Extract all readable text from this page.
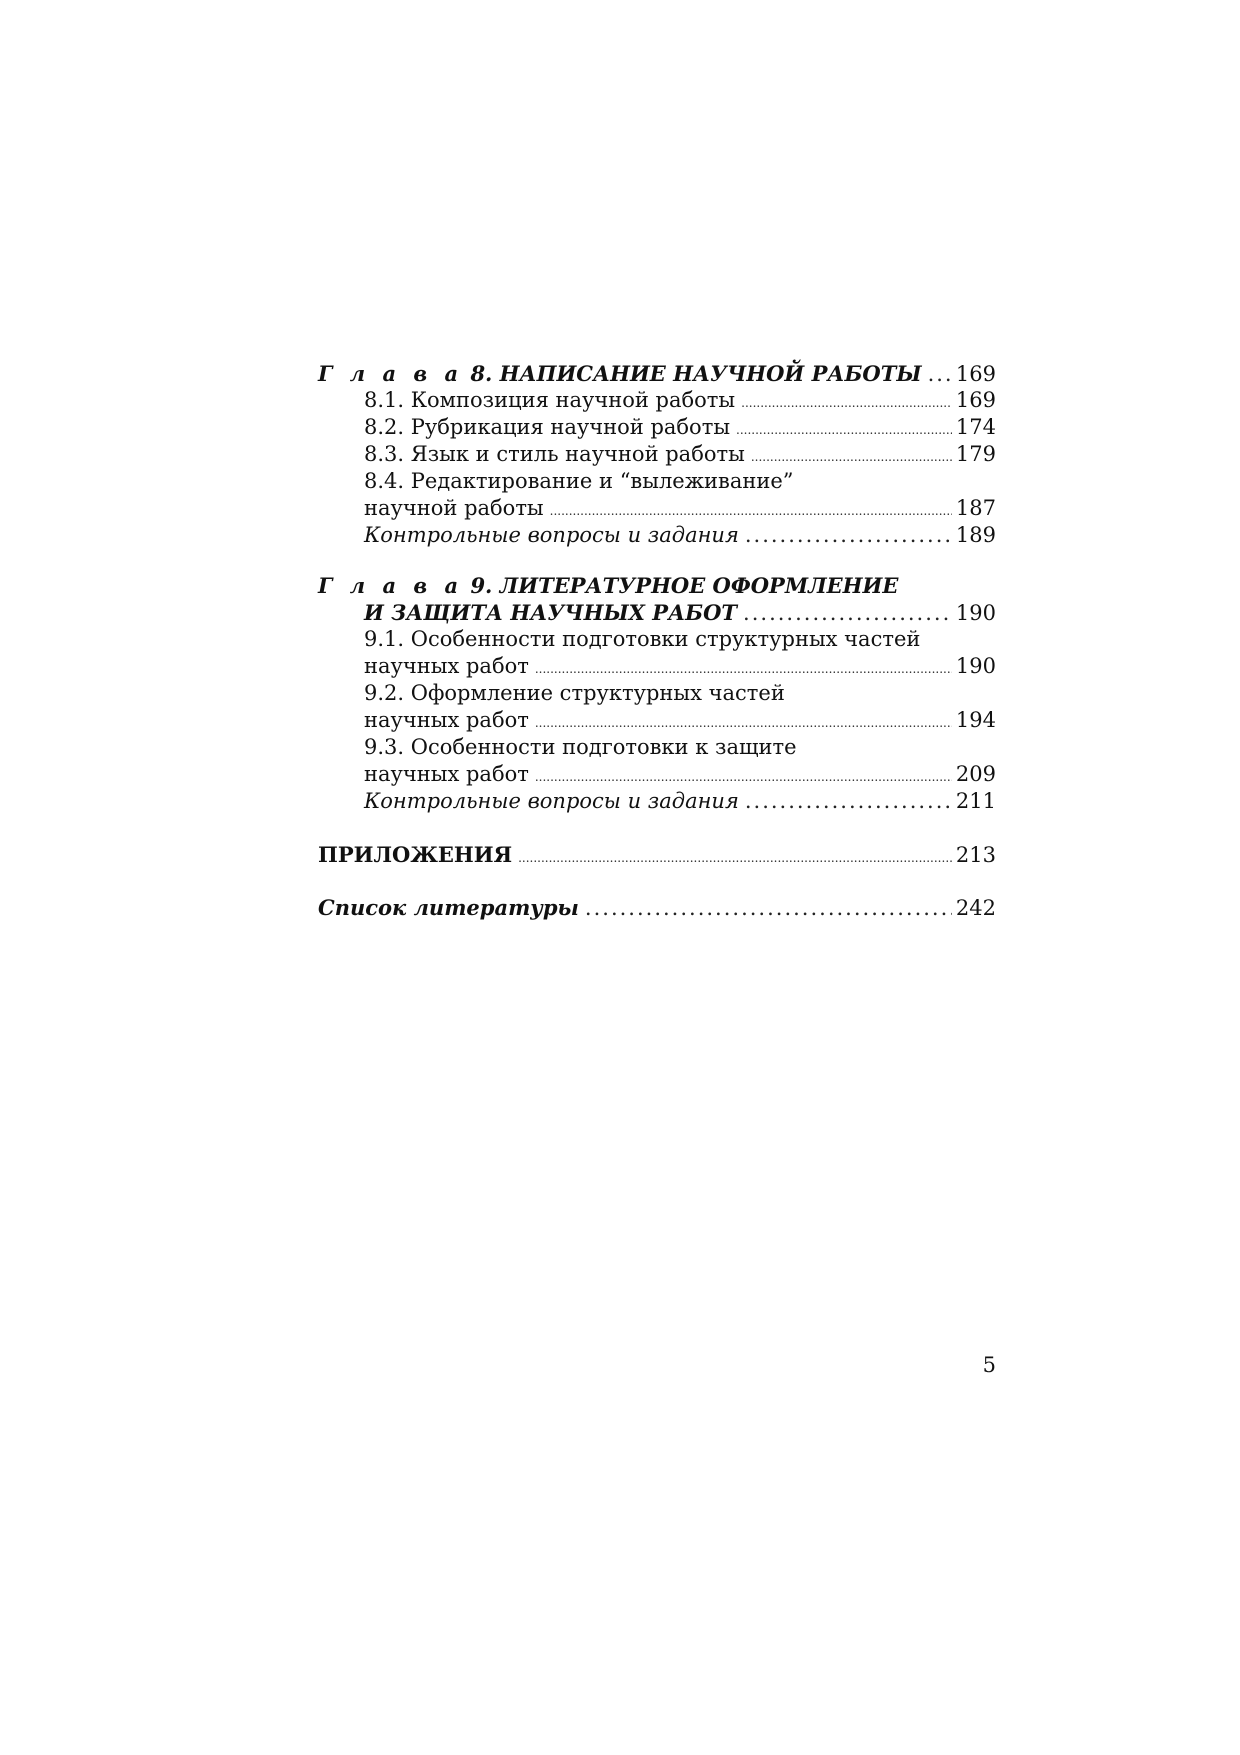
Г л а в а 8. НАПИСАНИЕ НАУЧНОЙ РАБОТЫ ..... 169
8.1. Композиция научной работы .....	169
8.2. Рубрикация научной работы .....	174
8.3. Язык и стиль научной работы .....	179
8.4. Редактирование и “вылеживание”
научной работы .....	187
Контрольные вопросы и задания .....	189
Г л а в а 9. ЛИТЕРАТУРНОЕ ОФОРМЛЕНИЕ
И ЗАЩИТА НАУЧНЫХ РАБОТ .....	190
9.1. Особенности подготовки структурных частей
научных работ .....	190
9.2. Оформление структурных частей
научных работ .....	194
9.3. Особенности подготовки к защите
научных работ .....	209
Контрольные вопросы и задания .....	211
ПРИЛОЖЕНИЯ .....	213
Список литературы .....	242
5
